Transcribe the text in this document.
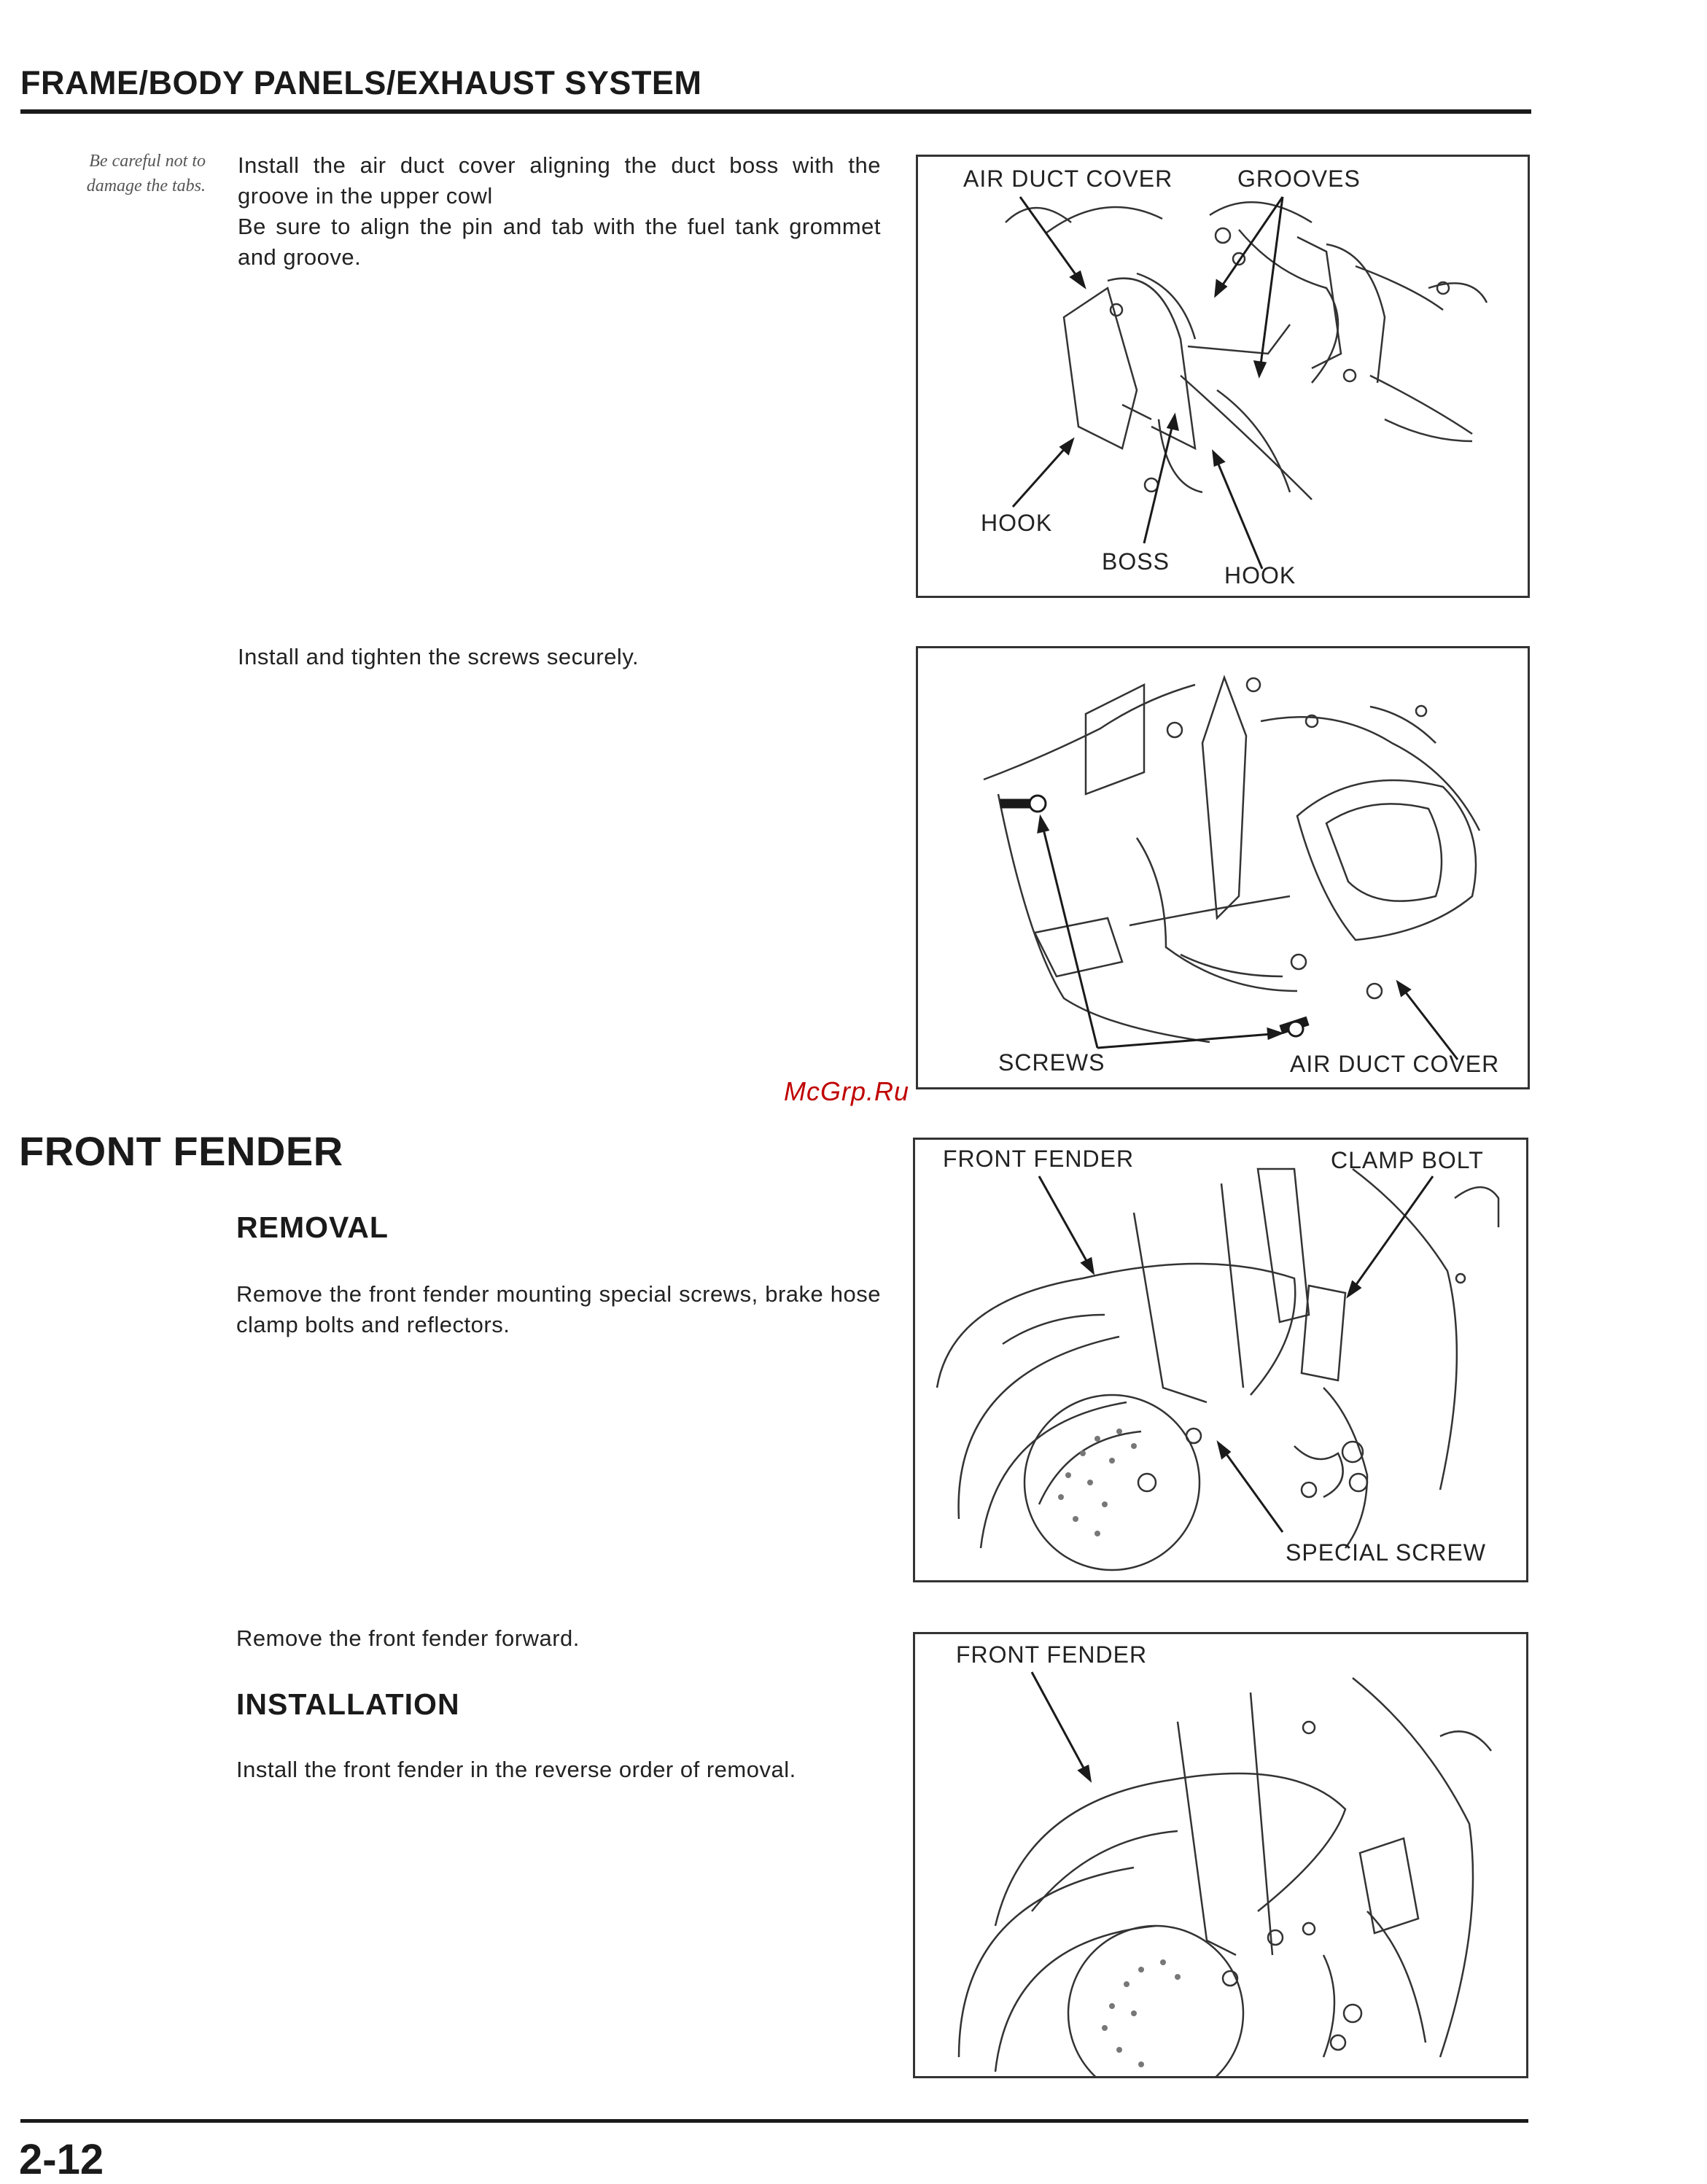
FRAME/BODY PANELS/EXHAUST SYSTEM
Be careful not to
damage the tabs.
Install the air duct cover aligning the duct boss with the groove in the upper cowl
Be sure to align the pin and tab with the fuel tank grommet and groove.
AIR DUCT COVER	GROOVES
HOOK
BOSS
HOOK
Install and tighten the screws securely.
SCREWS	AIR DUCT COVER
McGrp.Ru
FRONT FENDER
REMOVAL
Remove the front fender mounting special screws, brake hose clamp bolts and reflectors.
FRONT FENDER	CLAMP BOLT
SPECIAL SCREW
Remove the front fender forward.
INSTALLATION
Install the front fender in the reverse order of removal.
FRONT FENDER
2-12
